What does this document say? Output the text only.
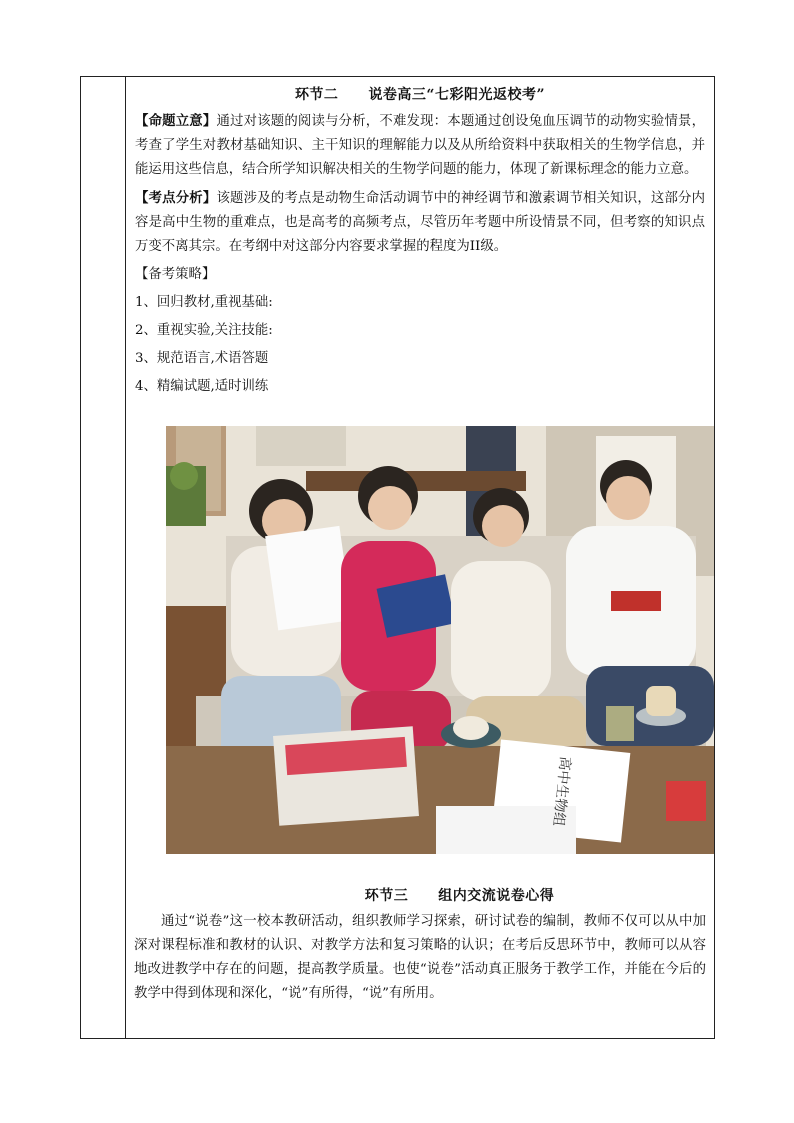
环节二 说卷高三“七彩阳光返校考”

【命题立意】通过对该题的阅读与分析，不难发现：本题通过创设兔血压调节的动物实验情景，考查了学生对教材基础知识、主干知识的理解能力以及从所给资料中获取相关的生物学信息，并能运用这些信息，结合所学知识解决相关的生物学问题的能力，体现了新课标理念的能力立意。

【考点分析】该题涉及的考点是动物生命活动调节中的神经调节和激素调节相关知识，这部分内容是高中生物的重难点，也是高考的高频考点，尽管历年考题中所设情景不同，但考察的知识点万变不离其宗。在考纲中对这部分内容要求掌握的程度为II级。

【备考策略】

1、回归教材,重视基础:

2、重视实验,关注技能:

3、规范语言,术语答题

4、精编试题,适时训练

高中生物组

环节三 组内交流说卷心得

通过“说卷”这一校本教研活动，组织教师学习探索，研讨试卷的编制，教师不仅可以从中加深对课程标准和教材的认识、对教学方法和复习策略的认识；在考后反思环节中，教师可以从容地改进教学中存在的问题，提高教学质量。也使“说卷”活动真正服务于教学工作，并能在今后的教学中得到体现和深化，“说”有所得，“说”有所用。
